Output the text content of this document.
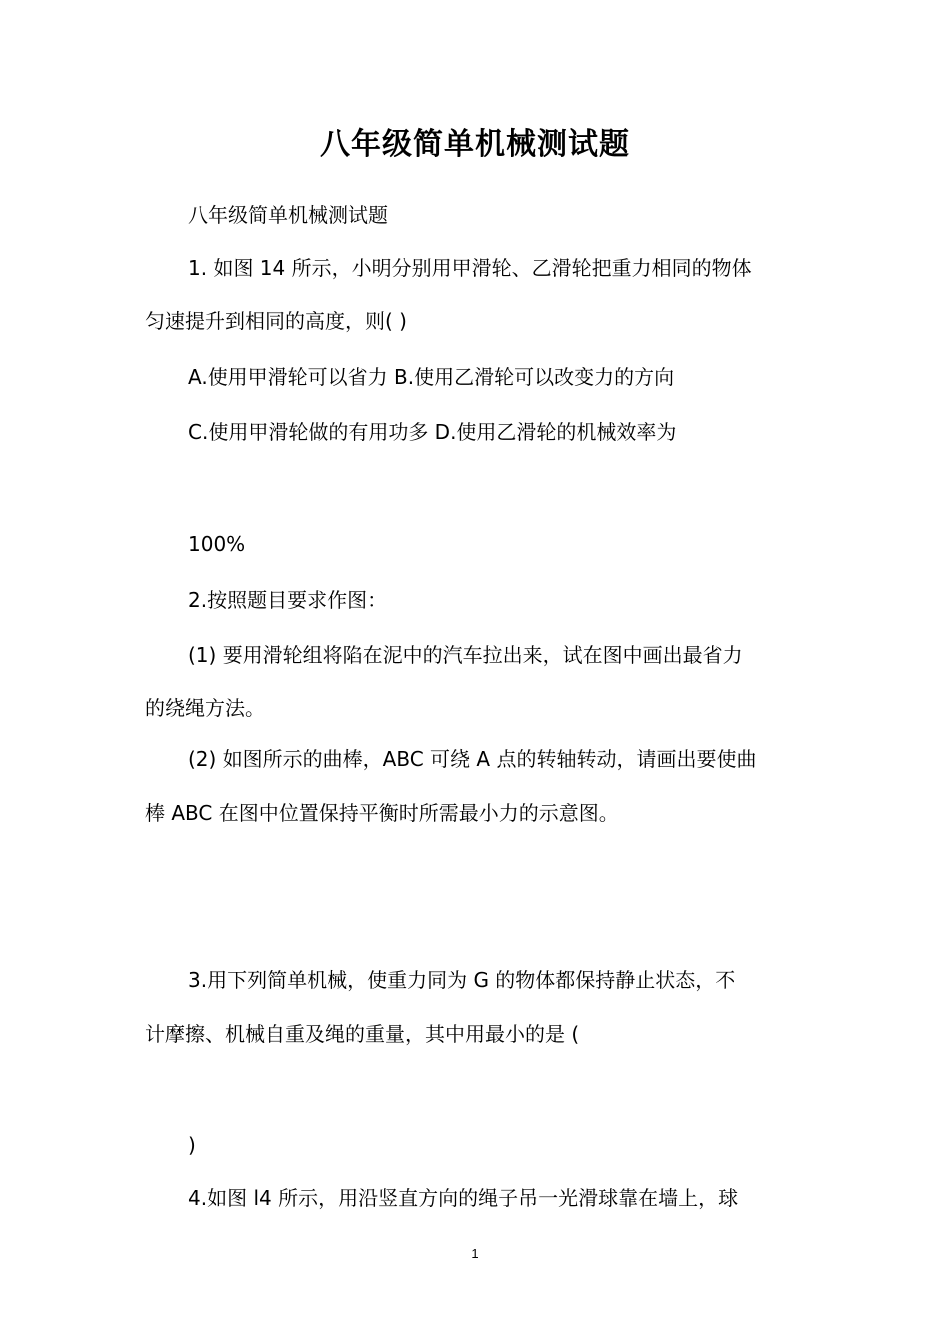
八年级简单机械测试题
八年级简单机械测试题
1. 如图 14 所示，小明分别用甲滑轮、乙滑轮把重力相同的物体
匀速提升到相同的高度，则( )
A.使用甲滑轮可以省力 B.使用乙滑轮可以改变力的方向
C.使用甲滑轮做的有用功多 D.使用乙滑轮的机械效率为
100%
2.按照题目要求作图：
(1) 要用滑轮组将陷在泥中的汽车拉出来，试在图中画出最省力
的绕绳方法。
(2) 如图所示的曲棒，ABC 可绕 A 点的转轴转动，请画出要使曲
棒 ABC 在图中位置保持平衡时所需最小力的示意图。
3.用下列简单机械，使重力同为 G 的物体都保持静止状态，不
计摩擦、机械自重及绳的重量，其中用最小的是 (
)
4.如图 l4 所示，用沿竖直方向的绳子吊一光滑球靠在墙上，球
1
